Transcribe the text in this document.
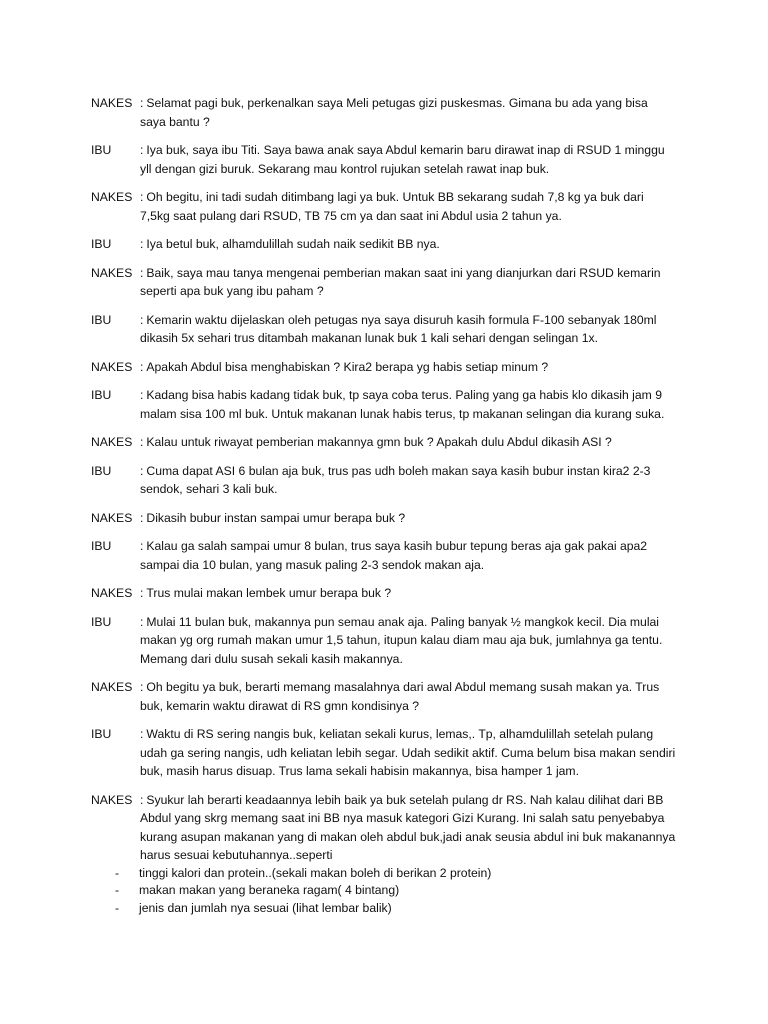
NAKES : Selamat pagi buk, perkenalkan saya Meli petugas gizi puskesmas. Gimana bu ada yang bisa saya bantu ?
IBU	: Iya buk, saya ibu Titi. Saya bawa anak saya Abdul kemarin baru dirawat inap di RSUD 1 minggu yll dengan gizi buruk. Sekarang mau kontrol rujukan setelah rawat inap buk.
NAKES : Oh begitu, ini tadi sudah ditimbang lagi ya buk. Untuk BB sekarang sudah 7,8 kg ya buk dari 7,5kg saat pulang dari RSUD, TB 75 cm ya dan saat ini Abdul usia 2 tahun ya.
IBU	: Iya betul buk, alhamdulillah sudah naik sedikit BB nya.
NAKES : Baik, saya mau tanya mengenai pemberian makan saat ini yang dianjurkan dari RSUD kemarin seperti apa buk yang ibu paham ?
IBU	: Kemarin waktu dijelaskan oleh petugas nya saya disuruh kasih formula F-100 sebanyak 180ml dikasih 5x sehari trus ditambah makanan lunak buk 1 kali sehari dengan selingan 1x.
NAKES : Apakah Abdul bisa menghabiskan ? Kira2 berapa yg habis setiap minum ?
IBU	: Kadang bisa habis kadang tidak buk, tp saya coba terus. Paling yang ga habis klo dikasih jam 9 malam sisa 100 ml buk. Untuk makanan lunak habis terus, tp makanan selingan dia kurang suka.
NAKES : Kalau untuk riwayat pemberian makannya gmn buk ? Apakah dulu Abdul dikasih ASI ?
IBU	: Cuma dapat ASI 6 bulan aja buk, trus pas udh boleh makan saya kasih bubur instan kira2 2-3 sendok, sehari 3 kali buk.
NAKES : Dikasih bubur instan sampai umur berapa buk ?
IBU	: Kalau ga salah sampai umur 8 bulan, trus saya kasih bubur tepung beras aja gak pakai apa2 sampai dia 10 bulan, yang masuk paling 2-3 sendok makan aja.
NAKES : Trus mulai makan lembek umur berapa buk ?
IBU	: Mulai 11 bulan buk, makannya pun semau anak aja. Paling banyak ½ mangkok kecil. Dia mulai makan yg org rumah makan umur 1,5 tahun, itupun kalau diam mau aja buk, jumlahnya ga tentu. Memang dari dulu susah sekali kasih makannya.
NAKES : Oh begitu ya buk, berarti memang masalahnya dari awal Abdul memang susah makan ya. Trus buk, kemarin waktu dirawat di RS gmn kondisinya ?
IBU	: Waktu di RS sering nangis buk, keliatan sekali kurus, lemas,. Tp, alhamdulillah setelah pulang udah ga sering nangis, udh keliatan lebih segar. Udah sedikit aktif. Cuma belum bisa makan sendiri buk, masih harus disuap. Trus lama sekali habisin makannya, bisa hamper 1 jam.
NAKES : Syukur lah berarti keadaannya lebih baik ya buk setelah pulang dr RS. Nah kalau dilihat dari BB Abdul yang skrg memang saat ini BB nya masuk kategori Gizi Kurang. Ini salah satu penyebabya kurang asupan makanan yang di makan oleh abdul buk,jadi anak seusia abdul ini buk makanannya harus sesuai kebutuhannya..seperti
- tinggi kalori dan protein..(sekali makan boleh di berikan 2 protein)
- makan makan yang beraneka ragam( 4 bintang)
- jenis dan jumlah nya sesuai (lihat lembar balik)
